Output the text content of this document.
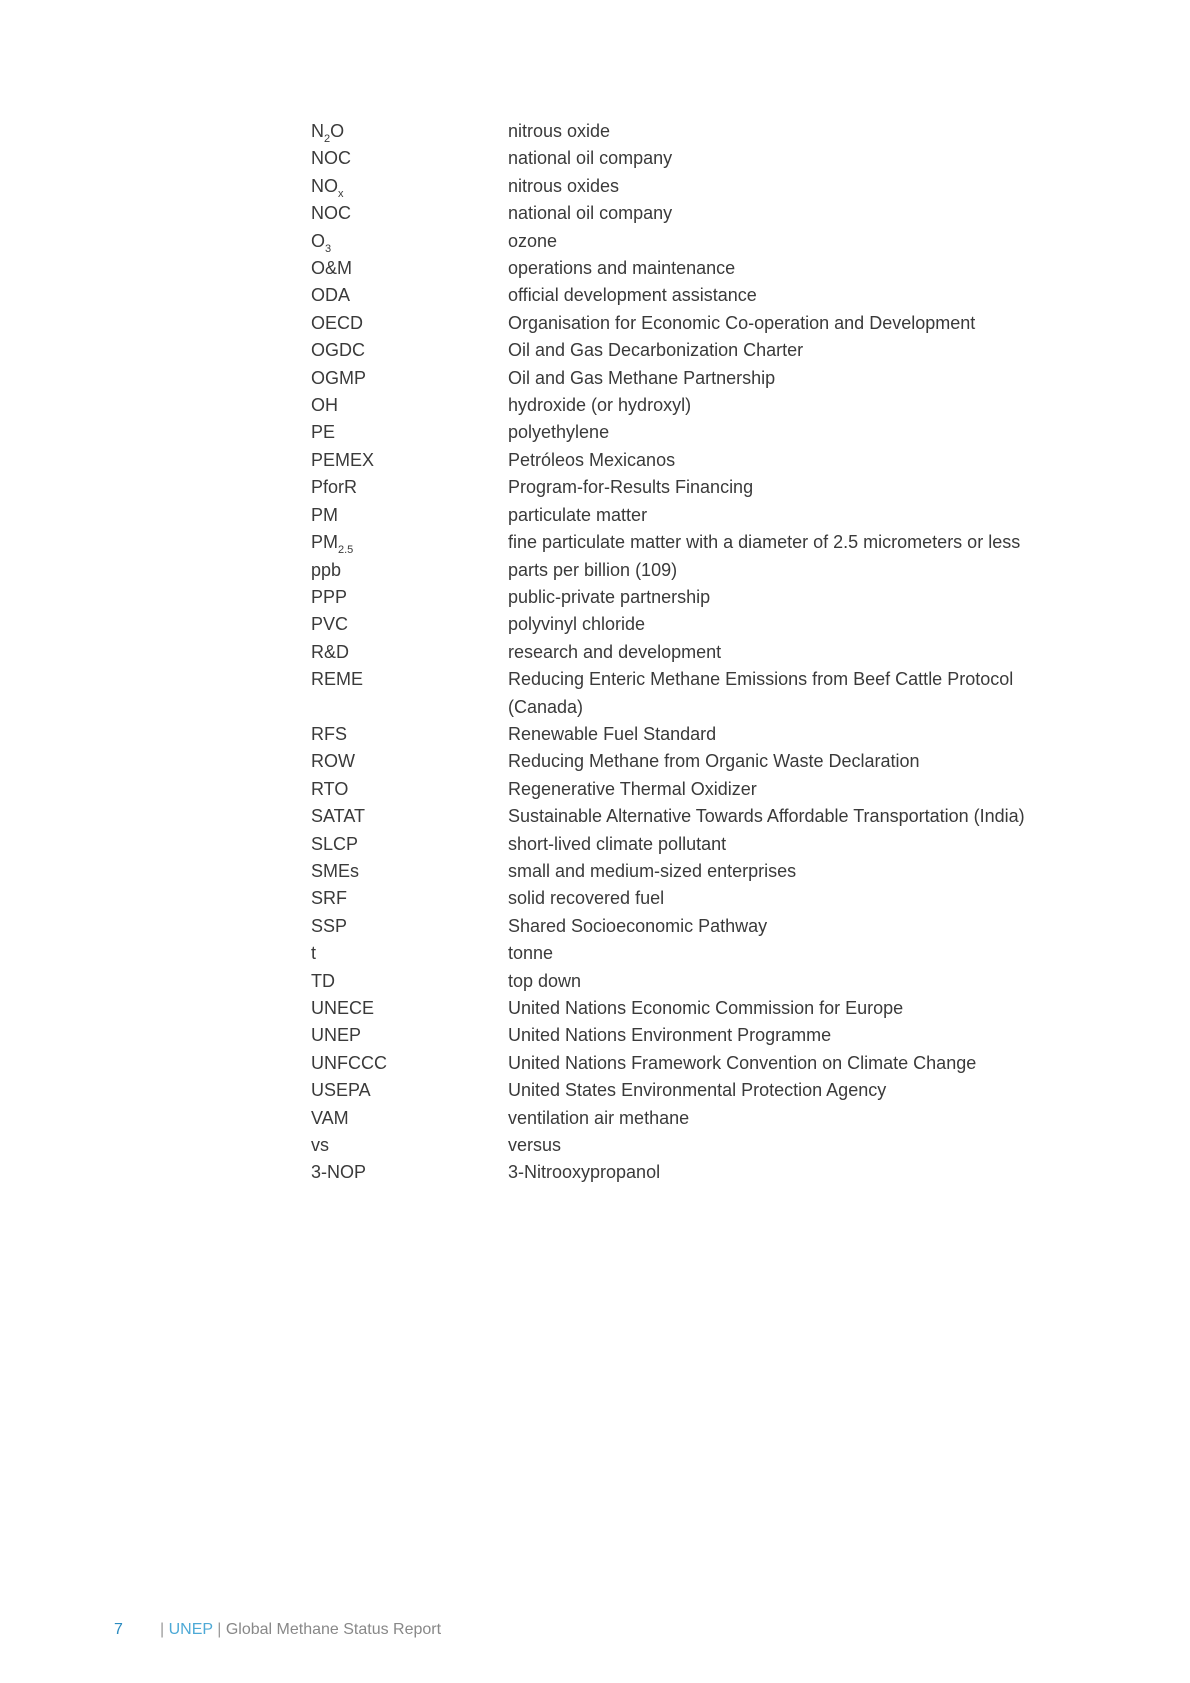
$N_2O$	nitrous oxide
NOC	national oil company
$NO_x$	nitrous oxides
NOC	national oil company
$O_3$	ozone
O&M	operations and maintenance
ODA	official development assistance
OECD	Organisation for Economic Co-operation and Development
OGDC	Oil and Gas Decarbonization Charter
OGMP	Oil and Gas Methane Partnership
OH	hydroxide (or hydroxyl)
PE	polyethylene
PEMEX	Petróleos Mexicanos
PforR	Program-for-Results Financing
PM	particulate matter
$PM_{2.5}$	fine particulate matter with a diameter of 2.5 micrometers or less
ppb	parts per billion (109)
PPP	public-private partnership
PVC	polyvinyl chloride
R&D	research and development
REME	Reducing Enteric Methane Emissions from Beef Cattle Protocol (Canada)
RFS	Renewable Fuel Standard
ROW	Reducing Methane from Organic Waste Declaration
RTO	Regenerative Thermal Oxidizer
SATAT	Sustainable Alternative Towards Affordable Transportation (India)
SLCP	short-lived climate pollutant
SMEs	small and medium-sized enterprises
SRF	solid recovered fuel
SSP	Shared Socioeconomic Pathway
t	tonne
TD	top down
UNECE	United Nations Economic Commission for Europe
UNEP	United Nations Environment Programme
UNFCCC	United Nations Framework Convention on Climate Change
USEPA	United States Environmental Protection Agency
VAM	ventilation air methane
vs	versus
3-NOP	3-Nitrooxypropanol
7 | UNEP | Global Methane Status Report
